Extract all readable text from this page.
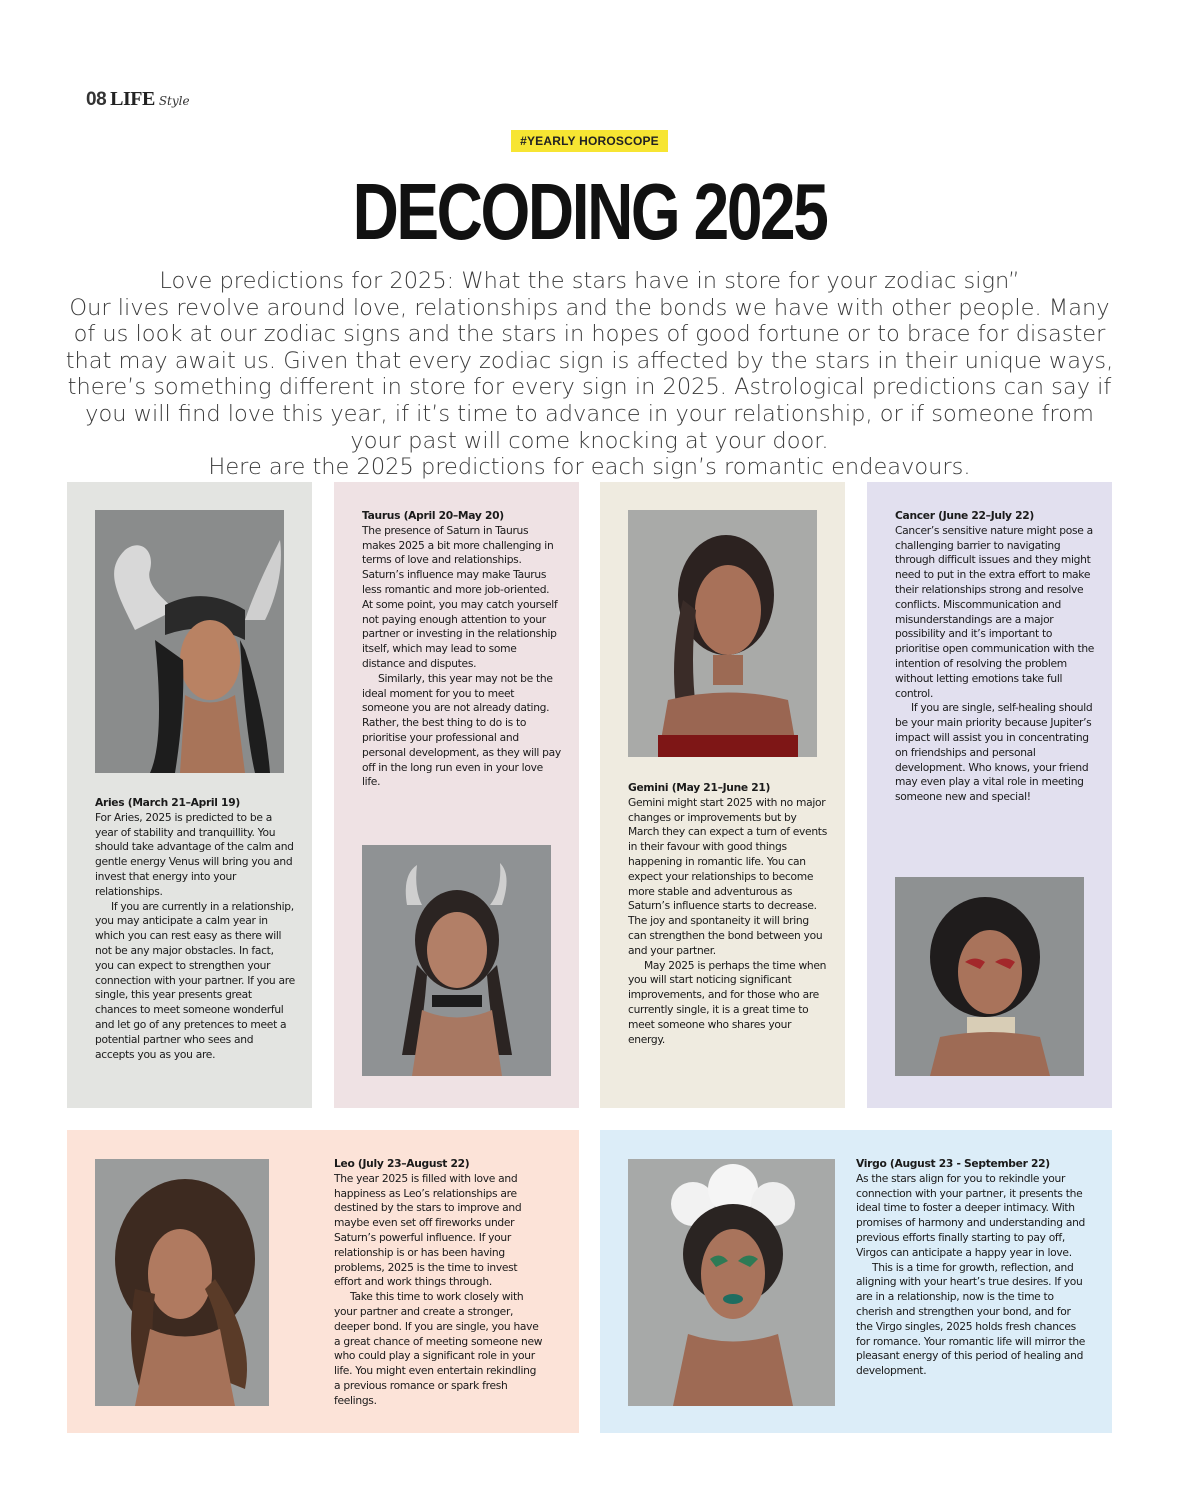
08 LIFE Style
#YEARLY HOROSCOPE
DECODING 2025

Love predictions for 2025: What the stars have in store for your zodiac sign”

Our lives revolve around love, relationships and the bonds we have with other people. Many of us look at our zodiac signs and the stars in hopes of good fortune or to brace for disaster that may await us. Given that every zodiac sign is affected by the stars in their unique ways, there’s something different in store for every sign in 2025. Astrological predictions can say if you will find love this year, if it’s time to advance in your relationship, or if someone from your past will come knocking at your door.

Here are the 2025 predictions for each sign’s romantic endeavours.

Aries (March 21–April 19)

For Aries, 2025 is predicted to be a year of stability and tranquillity. You should take advantage of the calm and gentle energy Venus will bring you and invest that energy into your relationships.

If you are currently in a relationship, you may anticipate a calm year in which you can rest easy as there will not be any major obstacles. In fact, you can expect to strengthen your connection with your partner. If you are single, this year presents great chances to meet someone wonderful and let go of any pretences to meet a potential partner who sees and accepts you as you are.

Taurus (April 20–May 20)

The presence of Saturn in Taurus makes 2025 a bit more challenging in terms of love and relationships. Saturn’s influence may make Taurus less romantic and more job-oriented. At some point, you may catch yourself not paying enough attention to your partner or investing in the relationship itself, which may lead to some distance and disputes.

Similarly, this year may not be the ideal moment for you to meet someone you are not already dating. Rather, the best thing to do is to prioritise your professional and personal development, as they will pay off in the long run even in your love life.	Gemini (May 21–June 21)

Gemini might start 2025 with no major changes or improvements but by March they can expect a turn of events in their favour with good things happening in romantic life. You can expect your relationships to become more stable and adventurous as Saturn’s influence starts to decrease. The joy and spontaneity it will bring can strengthen the bond between you and your partner.

May 2025 is perhaps the time when you will start noticing significant improvements, and for those who are currently single, it is a great time to meet someone who shares your energy.

Cancer (June 22–July 22)

Cancer’s sensitive nature might pose a challenging barrier to navigating through difficult issues and they might need to put in the extra effort to make their relationships strong and resolve conflicts. Miscommunication and misunderstandings are a major possibility and it’s important to prioritise open communication with the intention of resolving the problem without letting emotions take full control.

If you are single, self-healing should be your main priority because Jupiter’s impact will assist you in concentrating on friendships and personal development. Who knows, your friend may even play a vital role in meeting someone new and special!

Leo (July 23–August 22)

The year 2025 is filled with love and happiness as Leo’s relationships are destined by the stars to improve and maybe even set off fireworks under Saturn’s powerful influence. If your relationship is or has been having problems, 2025 is the time to invest effort and work things through.

Take this time to work closely with your partner and create a stronger, deeper bond. If you are single, you have a great chance of meeting someone new who could play a significant role in your life. You might even entertain rekindling a previous romance or spark fresh feelings.

Virgo (August 23 - September 22)

As the stars align for you to rekindle your connection with your partner, it presents the ideal time to foster a deeper intimacy. With promises of harmony and understanding and previous efforts finally starting to pay off, Virgos can anticipate a happy year in love.

This is a time for growth, reflection, and aligning with your heart’s true desires. If you are in a relationship, now is the time to cherish and strengthen your bond, and for the Virgo singles, 2025 holds fresh chances for romance. Your romantic life will mirror the pleasant energy of this period of healing and development.
